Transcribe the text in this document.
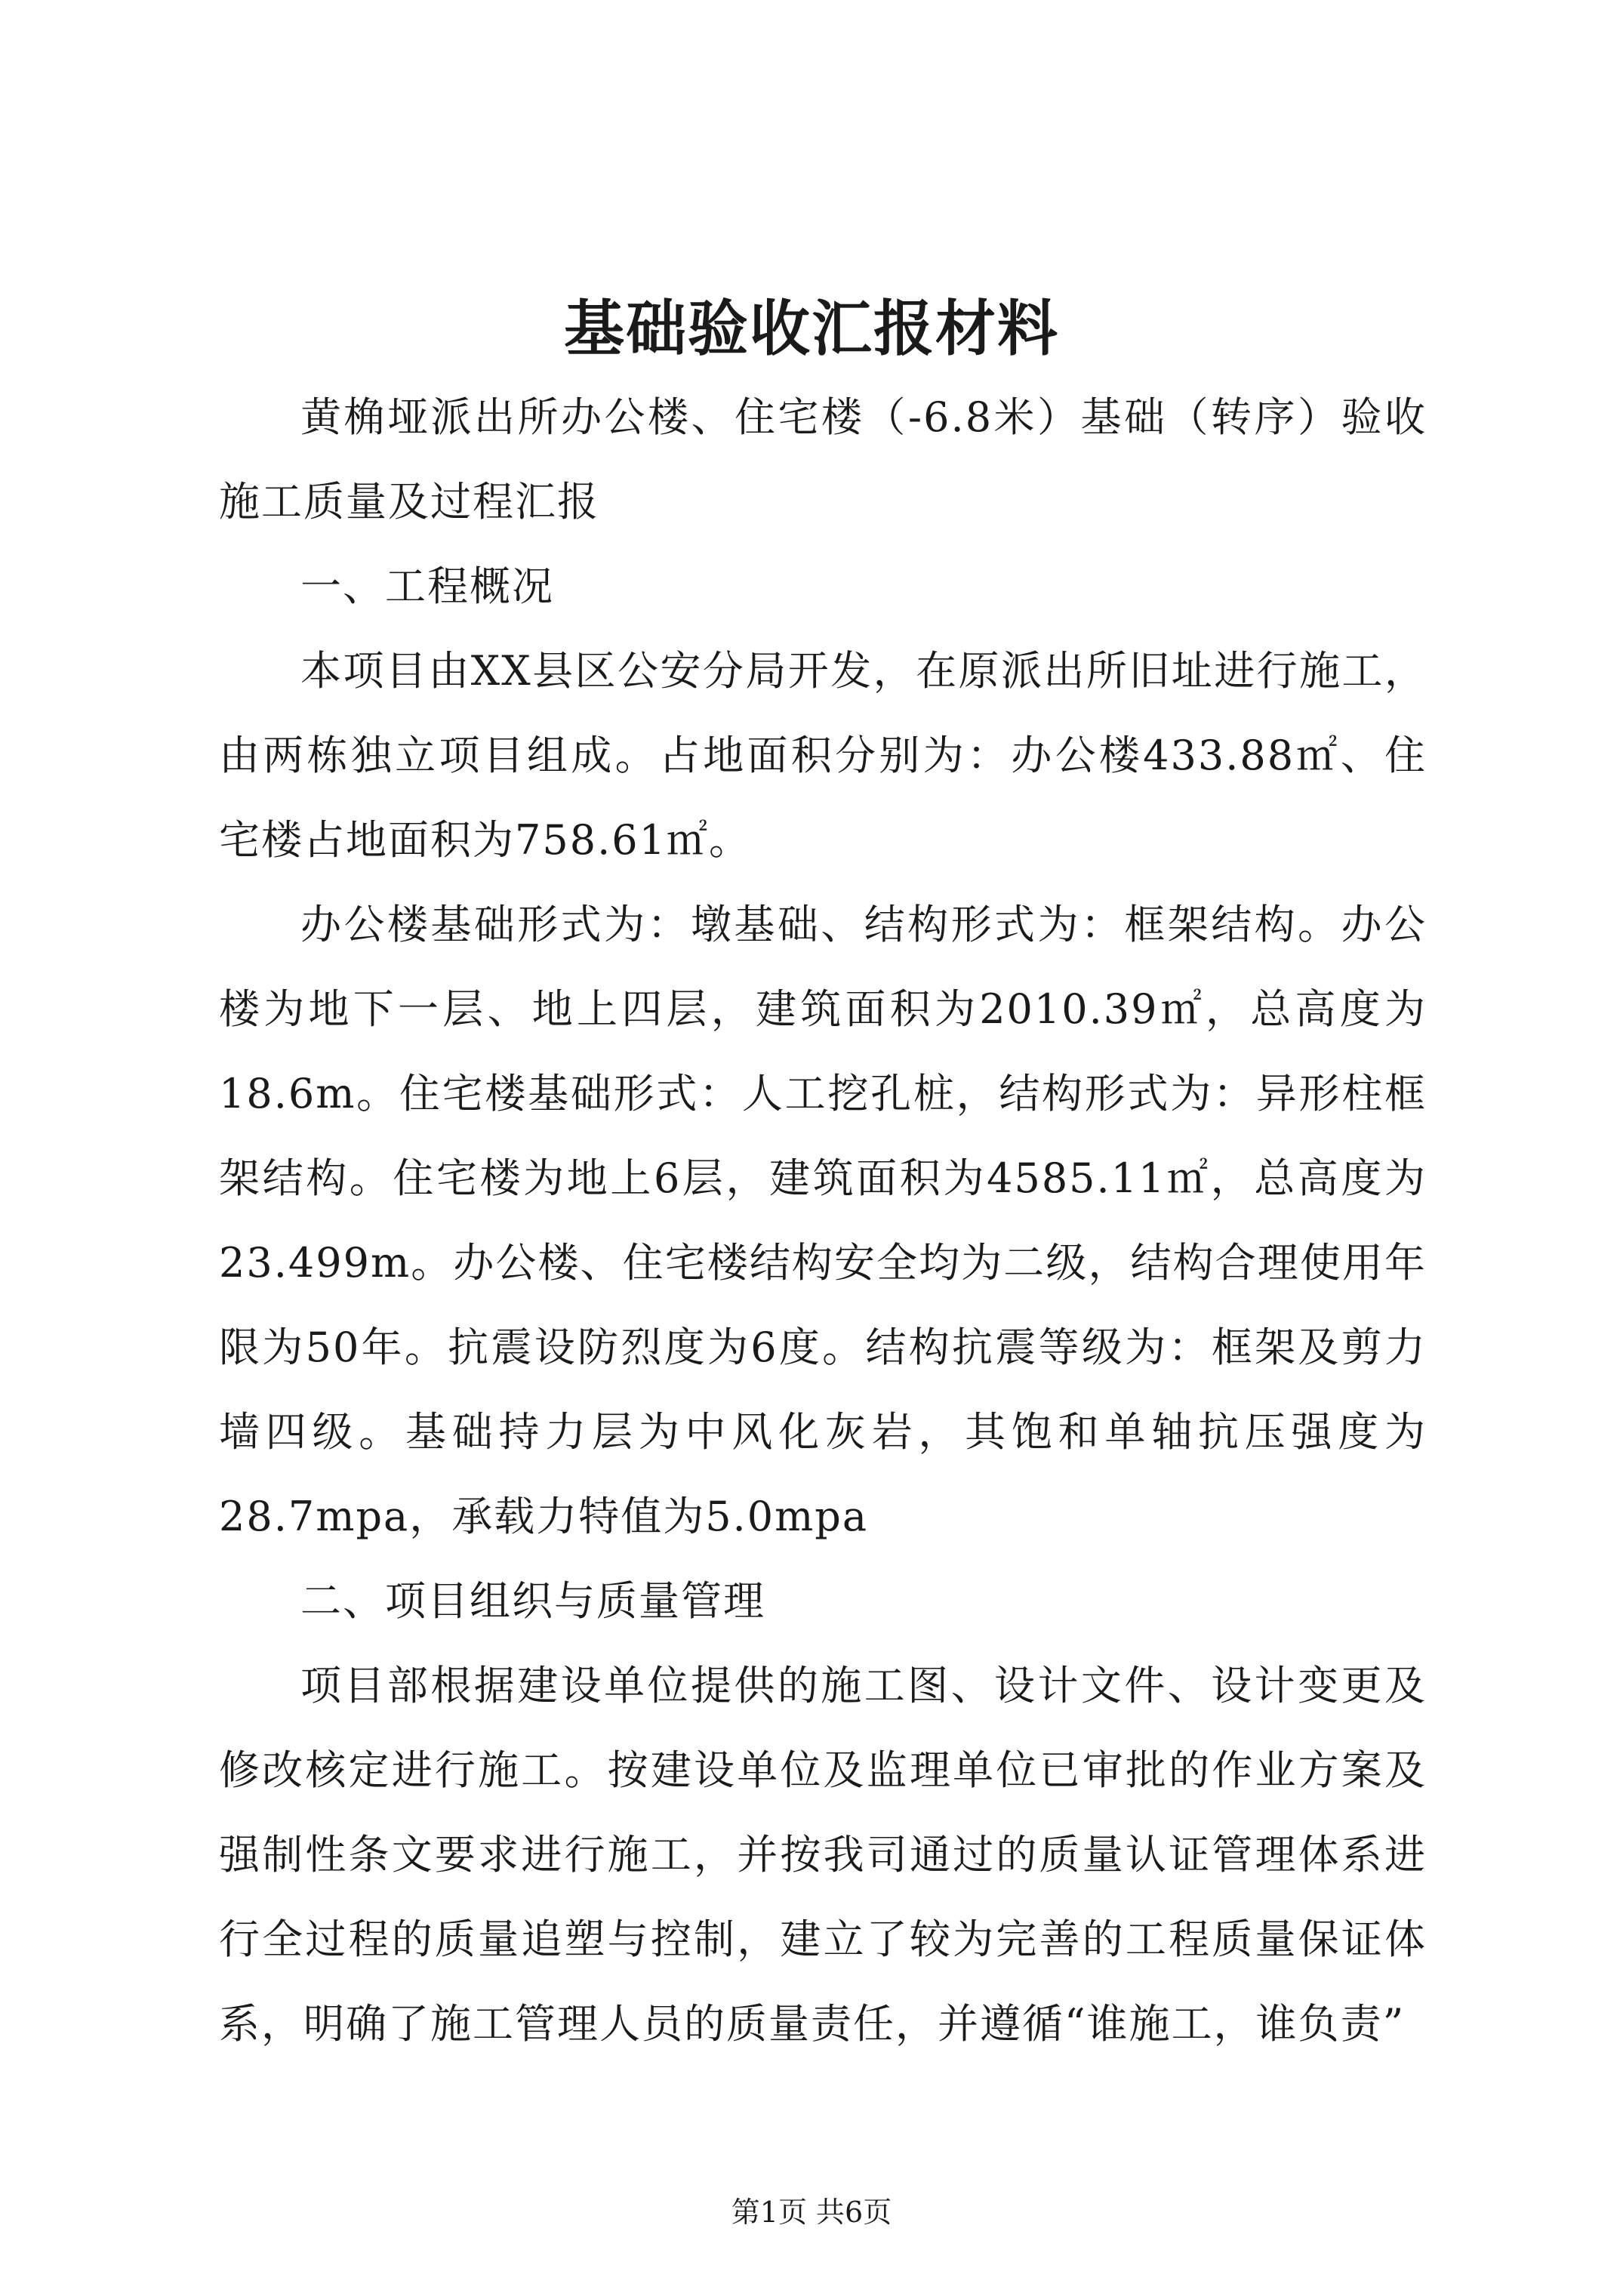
基础验收汇报材料

黄桷垭派出所办公楼、住宅楼（-6.8米）基础（转序）验收施工质量及过程汇报

一、工程概况

本项目由XX县区公安分局开发，在原派出所旧址进行施工，由两栋独立项目组成。占地面积分别为：办公楼433.88㎡、住宅楼占地面积为758.61㎡。

办公楼基础形式为：墩基础、结构形式为：框架结构。办公楼为地下一层、地上四层，建筑面积为2010.39㎡，总高度为18.6m。住宅楼基础形式：人工挖孔桩，结构形式为：异形柱框架结构。住宅楼为地上6层，建筑面积为4585.11㎡，总高度为23.499m。办公楼、住宅楼结构安全均为二级，结构合理使用年限为50年。抗震设防烈度为6度。结构抗震等级为：框架及剪力墙四级。基础持力层为中风化灰岩，其饱和单轴抗压强度为28.7mpa，承载力特值为5.0mpa

二、项目组织与质量管理

项目部根据建设单位提供的施工图、设计文件、设计变更及修改核定进行施工。按建设单位及监理单位已审批的作业方案及强制性条文要求进行施工，并按我司通过的质量认证管理体系进行全过程的质量追塑与控制，建立了较为完善的工程质量保证体系，明确了施工管理人员的质量责任，并遵循“谁施工，谁负责”

第1页 共6页
